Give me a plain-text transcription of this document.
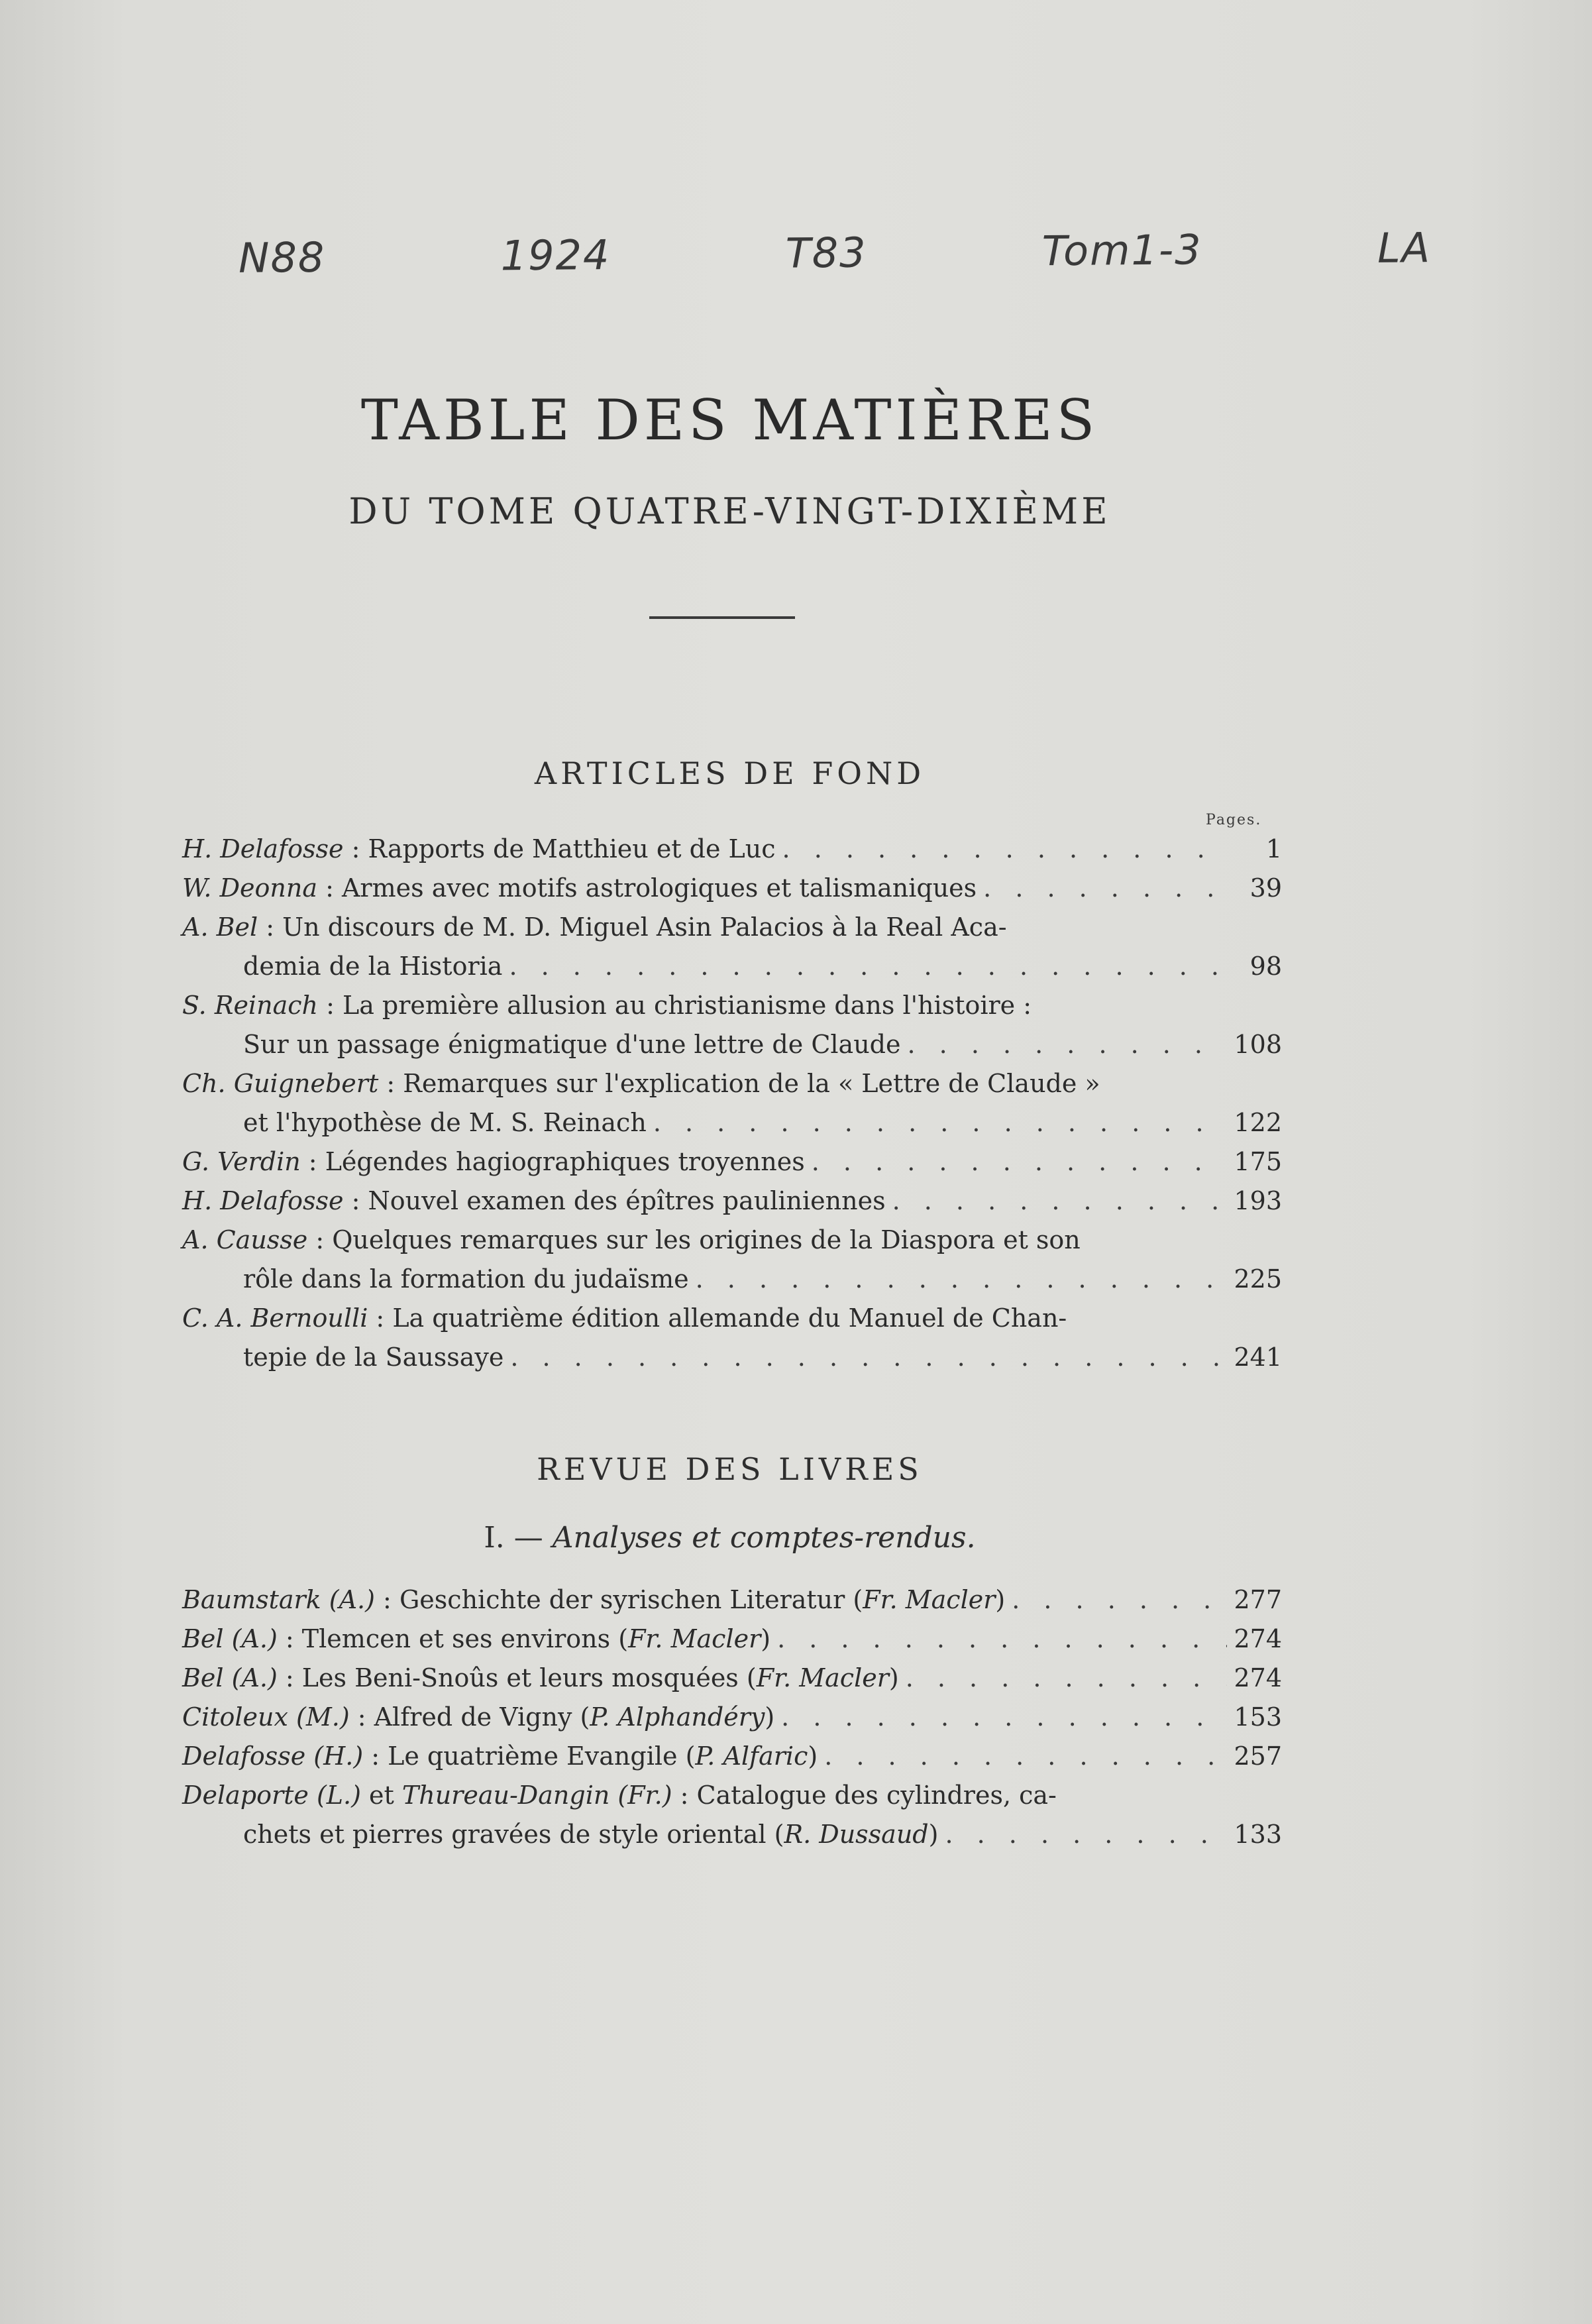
N88	1924	T83	Tom1-3	LA
TABLE DES MATIÈRES
DU TOME QUATRE-VINGT-DIXIÈME
ARTICLES DE FOND
Pages.
H. Delafosse : Rapports de Matthieu et de Luc . . .	1
W. Deonna : Armes avec motifs astrologiques et talismaniques . . .	39
A. Bel : Un discours de M. D. Miguel Asin Palacios à la Real Aca-
demia de la Historia . . .	98
S. Reinach : La première allusion au christianisme dans l'histoire :
Sur un passage énigmatique d'une lettre de Claude . . .	108
Ch. Guignebert : Remarques sur l'explication de la « Lettre de Claude »
et l'hypothèse de M. S. Reinach . . .	122
G. Verdin : Légendes hagiographiques troyennes . . .	175
H. Delafosse : Nouvel examen des épîtres pauliniennes . . .	193
A. Causse : Quelques remarques sur les origines de la Diaspora et son
rôle dans la formation du judaïsme . . .	225
C. A. Bernoulli : La quatrième édition allemande du Manuel de Chan-
tepie de la Saussaye . . .	241
REVUE DES LIVRES
I. — Analyses et comptes-rendus.
Baumstark (A.) : Geschichte der syrischen Literatur (Fr. Macler) . . .	277
Bel (A.) : Tlemcen et ses environs (Fr. Macler) . . .	274
Bel (A.) : Les Beni-Snoûs et leurs mosquées (Fr. Macler) . . .	274
Citoleux (M.) : Alfred de Vigny (P. Alphandéry) . . .	153
Delafosse (H.) : Le quatrième Evangile (P. Alfaric) . . .	257
Delaporte (L.) et Thureau-Dangin (Fr.) : Catalogue des cylindres, ca-
chets et pierres gravées de style oriental (R. Dussaud) . . .	133
